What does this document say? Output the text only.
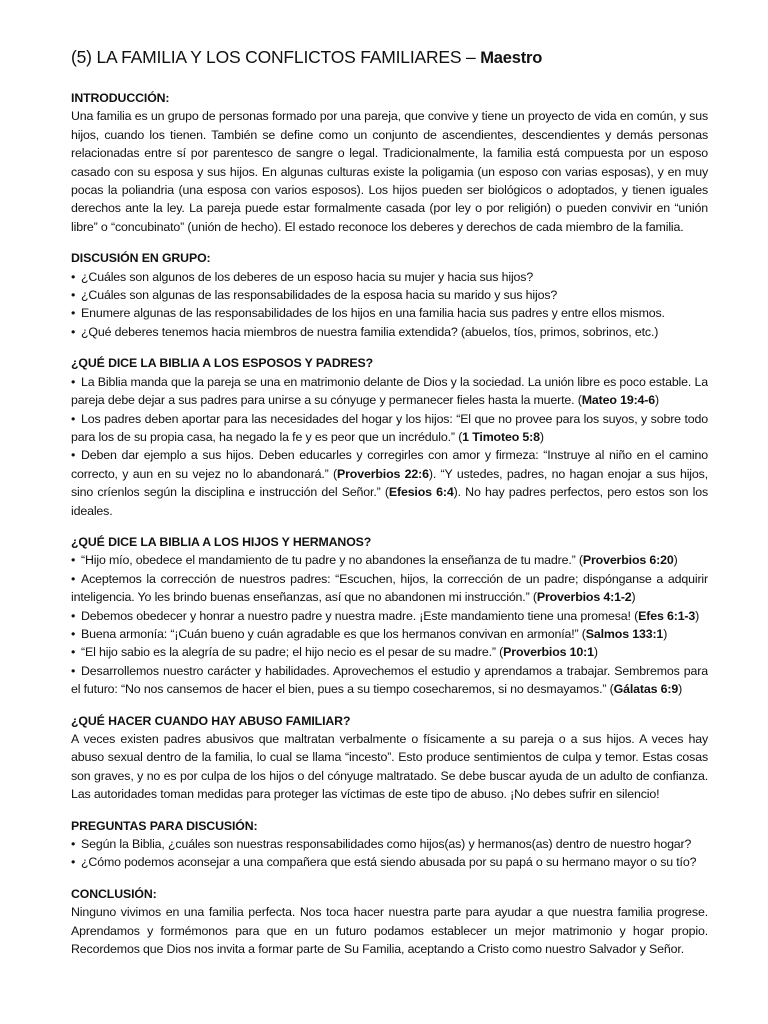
(5) LA FAMILIA Y LOS CONFLICTOS FAMILIARES – Maestro

INTRODUCCIÓN:

Una familia es un grupo de personas formado por una pareja, que convive y tiene un proyecto de vida en común, y sus hijos, cuando los tienen. También se define como un conjunto de ascendientes, descendientes y demás personas relacionadas entre sí por parentesco de sangre o legal. Tradicionalmente, la familia está compuesta por un esposo casado con su esposa y sus hijos. En algunas culturas existe la poligamia (un esposo con varias esposas), y en muy pocas la poliandria (una esposa con varios esposos). Los hijos pueden ser biológicos o adoptados, y tienen iguales derechos ante la ley. La pareja puede estar formalmente casada (por ley o por religión) o pueden convivir en “unión libre” o “concubinato” (unión de hecho). El estado reconoce los deberes y derechos de cada miembro de la familia.

DISCUSIÓN EN GRUPO:

• ¿Cuáles son algunos de los deberes de un esposo hacia su mujer y hacia sus hijos?
• ¿Cuáles son algunas de las responsabilidades de la esposa hacia su marido y sus hijos?
• Enumere algunas de las responsabilidades de los hijos en una familia hacia sus padres y entre ellos mismos.
• ¿Qué deberes tenemos hacia miembros de nuestra familia extendida? (abuelos, tíos, primos, sobrinos, etc.)

¿QUÉ DICE LA BIBLIA A LOS ESPOSOS Y PADRES?

• La Biblia manda que la pareja se una en matrimonio delante de Dios y la sociedad. La unión libre es poco estable. La pareja debe dejar a sus padres para unirse a su cónyuge y permanecer fieles hasta la muerte. (Mateo 19:4-6)
• Los padres deben aportar para las necesidades del hogar y los hijos: “El que no provee para los suyos, y sobre todo para los de su propia casa, ha negado la fe y es peor que un incrédulo.” (1 Timoteo 5:8)
• Deben dar ejemplo a sus hijos. Deben educarles y corregirles con amor y firmeza: “Instruye al niño en el camino correcto, y aun en su vejez no lo abandonará.” (Proverbios 22:6). “Y ustedes, padres, no hagan enojar a sus hijos, sino críenlos según la disciplina e instrucción del Señor.” (Efesios 6:4). No hay padres perfectos, pero estos son los ideales.

¿QUÉ DICE LA BIBLIA A LOS HIJOS Y HERMANOS?

• “Hijo mío, obedece el mandamiento de tu padre y no abandones la enseñanza de tu madre.” (Proverbios 6:20)
• Aceptemos la corrección de nuestros padres: “Escuchen, hijos, la corrección de un padre; dispónganse a adquirir inteligencia. Yo les brindo buenas enseñanzas, así que no abandonen mi instrucción.” (Proverbios 4:1-2)
• Debemos obedecer y honrar a nuestro padre y nuestra madre. ¡Este mandamiento tiene una promesa! (Efes 6:1-3)
• Buena armonía: “¡Cuán bueno y cuán agradable es que los hermanos convivan en armonía!” (Salmos 133:1)
• “El hijo sabio es la alegría de su padre; el hijo necio es el pesar de su madre.” (Proverbios 10:1)
• Desarrollemos nuestro carácter y habilidades. Aprovechemos el estudio y aprendamos a trabajar. Sembremos para el futuro: “No nos cansemos de hacer el bien, pues a su tiempo cosecharemos, si no desmayamos.” (Gálatas 6:9)

¿QUÉ HACER CUANDO HAY ABUSO FAMILIAR?

A veces existen padres abusivos que maltratan verbalmente o físicamente a su pareja o a sus hijos. A veces hay abuso sexual dentro de la familia, lo cual se llama “incesto”. Esto produce sentimientos de culpa y temor. Estas cosas son graves, y no es por culpa de los hijos o del cónyuge maltratado. Se debe buscar ayuda de un adulto de confianza. Las autoridades toman medidas para proteger las víctimas de este tipo de abuso. ¡No debes sufrir en silencio!

PREGUNTAS PARA DISCUSIÓN:

• Según la Biblia, ¿cuáles son nuestras responsabilidades como hijos(as) y hermanos(as) dentro de nuestro hogar?
• ¿Cómo podemos aconsejar a una compañera que está siendo abusada por su papá o su hermano mayor o su tío?

CONCLUSIÓN:

Ninguno vivimos en una familia perfecta. Nos toca hacer nuestra parte para ayudar a que nuestra familia progrese. Aprendamos y formémonos para que en un futuro podamos establecer un mejor matrimonio y hogar propio. Recordemos que Dios nos invita a formar parte de Su Familia, aceptando a Cristo como nuestro Salvador y Señor.
